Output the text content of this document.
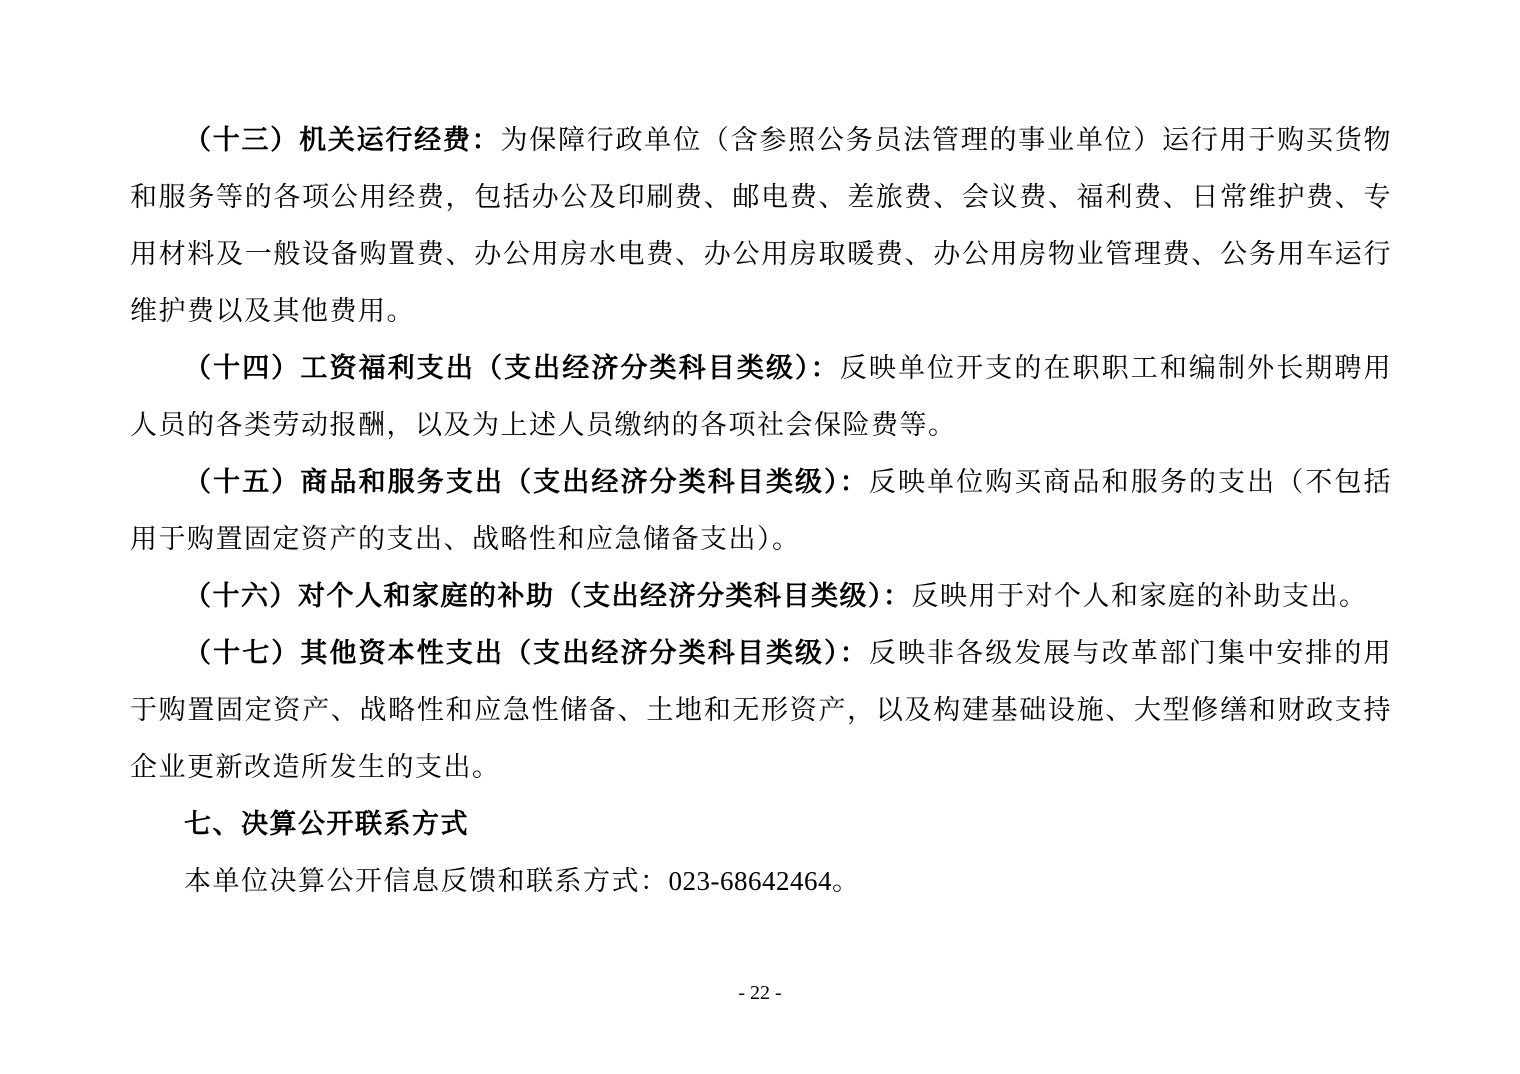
（十三）机关运行经费：为保障行政单位（含参照公务员法管理的事业单位）运行用于购买货物和服务等的各项公用经费，包括办公及印刷费、邮电费、差旅费、会议费、福利费、日常维护费、专用材料及一般设备购置费、办公用房水电费、办公用房取暖费、办公用房物业管理费、公务用车运行维护费以及其他费用。

（十四）工资福利支出（支出经济分类科目类级）：反映单位开支的在职职工和编制外长期聘用人员的各类劳动报酬，以及为上述人员缴纳的各项社会保险费等。

（十五）商品和服务支出（支出经济分类科目类级）：反映单位购买商品和服务的支出（不包括用于购置固定资产的支出、战略性和应急储备支出）。

（十六）对个人和家庭的补助（支出经济分类科目类级）：反映用于对个人和家庭的补助支出。

（十七）其他资本性支出（支出经济分类科目类级）：反映非各级发展与改革部门集中安排的用于购置固定资产、战略性和应急性储备、土地和无形资产，以及构建基础设施、大型修缮和财政支持企业更新改造所发生的支出。

七、决算公开联系方式

本单位决算公开信息反馈和联系方式：023-68642464。

- 22 -
